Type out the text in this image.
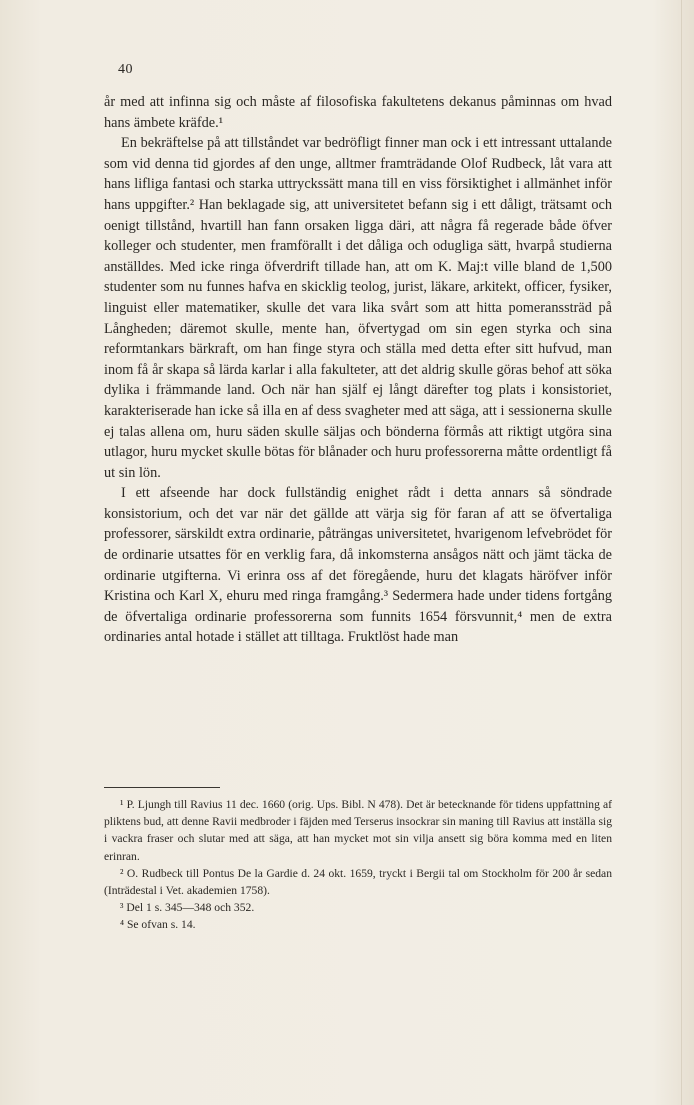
40

år med att infinna sig och måste af filosofiska fakultetens dekanus påminnas om hvad hans ämbete kräfde.¹

En bekräftelse på att tillståndet var bedröfligt finner man ock i ett intressant uttalande som vid denna tid gjordes af den unge, alltmer framträdande Olof Rudbeck, låt vara att hans lifliga fantasi och starka uttryckssätt mana till en viss försiktighet i allmänhet inför hans uppgifter.² Han beklagade sig, att universitetet befann sig i ett dåligt, trätsamt och oenigt tillstånd, hvartill han fann orsaken ligga däri, att några få regerade både öfver kolleger och studenter, men framförallt i det dåliga och odugliga sätt, hvarpå studierna anställdes. Med icke ringa öfverdrift tillade han, att om K. Maj:t ville bland de 1,500 studenter som nu funnes hafva en skicklig teolog, jurist, läkare, arkitekt, officer, fysiker, linguist eller matematiker, skulle det vara lika svårt som att hitta pomeranssträd på Långheden; däremot skulle, mente han, öfvertygad om sin egen styrka och sina reformtankars bärkraft, om han finge styra och ställa med detta efter sitt hufvud, man inom få år skapa så lärda karlar i alla fakulteter, att det aldrig skulle göras behof att söka dylika i främmande land. Och när han själf ej långt därefter tog plats i konsistoriet, karakteriserade han icke så illa en af dess svagheter med att säga, att i sessionerna skulle ej talas allena om, huru säden skulle säljas och bönderna förmås att riktigt utgöra sina utlagor, huru mycket skulle bötas för blånader och huru professorerna måtte ordentligt få ut sin lön.

I ett afseende har dock fullständig enighet rådt i detta annars så söndrade konsistorium, och det var när det gällde att värja sig för faran af att se öfvertaliga professorer, särskildt extra ordinarie, påträngas universitetet, hvarigenom lefvebrödet för de ordinarie utsattes för en verklig fara, då inkomsterna ansågos nätt och jämt täcka de ordinarie utgifterna. Vi erinra oss af det föregående, huru det klagats häröfver inför Kristina och Karl X, ehuru med ringa framgång.³ Sedermera hade under tidens fortgång de öfvertaliga ordinarie professorerna som funnits 1654 försvunnit,⁴ men de extra ordinaries antal hotade i stället att tilltaga. Fruktlöst hade man

¹ P. Ljungh till Ravius 11 dec. 1660 (orig. Ups. Bibl. N 478). Det är betecknande för tidens uppfattning af pliktens bud, att denne Ravii medbroder i fäjden med Terserus insockrar sin maning till Ravius att inställa sig i vackra fraser och slutar med att säga, att han mycket mot sin vilja ansett sig böra komma med en liten erinran.

² O. Rudbeck till Pontus De la Gardie d. 24 okt. 1659, tryckt i Bergii tal om Stockholm för 200 år sedan (Inträdestal i Vet. akademien 1758).

³ Del 1 s. 345—348 och 352.

⁴ Se ofvan s. 14.
